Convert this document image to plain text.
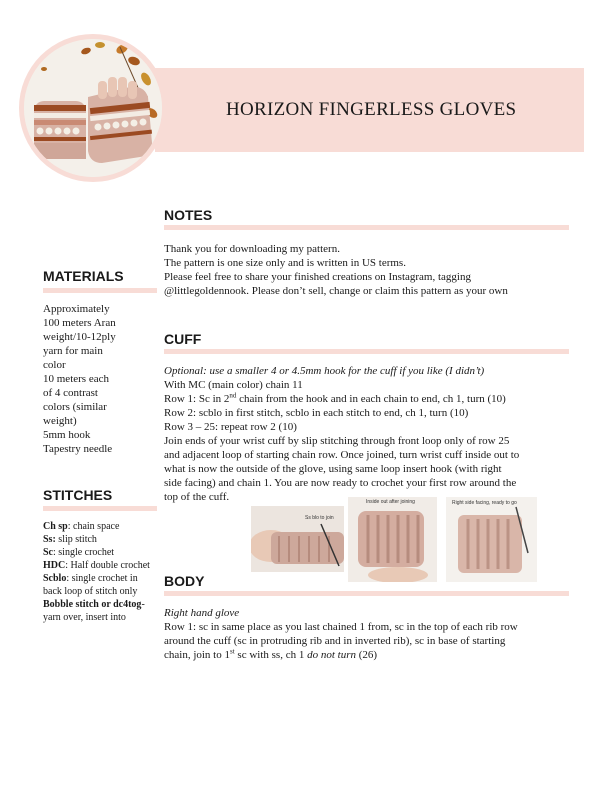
HORIZON FINGERLESS GLOVES
NOTES

Thank you for downloading my pattern.

The pattern is one size only and is written in US terms.

Please feel free to share your finished creations on Instagram, tagging

@littlegoldennook. Please don’t sell, change or claim this pattern as your own

MATERIALS

Approximately

100 meters Aran

weight/10-12ply

yarn for main

color

10 meters each

of 4 contrast

colors (similar

weight)

5mm hook

Tapestry needle

STITCHES

Ch sp: chain space

Ss: slip stitch

Sc: single crochet

HDC: Half double crochet

Scblo: single crochet in back loop of stitch only

Bobble stitch or dc4tog- yarn over, insert into

CUFF

Optional: use a smaller 4 or 4.5mm hook for the cuff if you like (I didn’t)

With MC (main color) chain 11

Row 1: Sc in 2nd chain from the hook and in each chain to end, ch 1, turn (10)

Row 2: scblo in first stitch, scblo in each stitch to end, ch 1, turn (10)

Row 3 – 25: repeat row 2 (10)

Join ends of your wrist cuff by slip stitching through front loop only of row 25

and adjacent loop of starting chain row. Once joined, turn wrist cuff inside out to

what is now the outside of the glove, using same loop insert hook (with right

side facing) and chain 1. You are now ready to crochet your first row around the

top of the cuff.

Ss blo to join
Inside out after joining	Right side facing, ready to go
BODY

Right hand glove

Row 1: sc in same place as you last chained 1 from, sc in the top of each rib row

around the cuff (sc in protruding rib and in inverted rib), sc in base of starting

chain, join to 1st sc with ss, ch 1 do not turn (26)
